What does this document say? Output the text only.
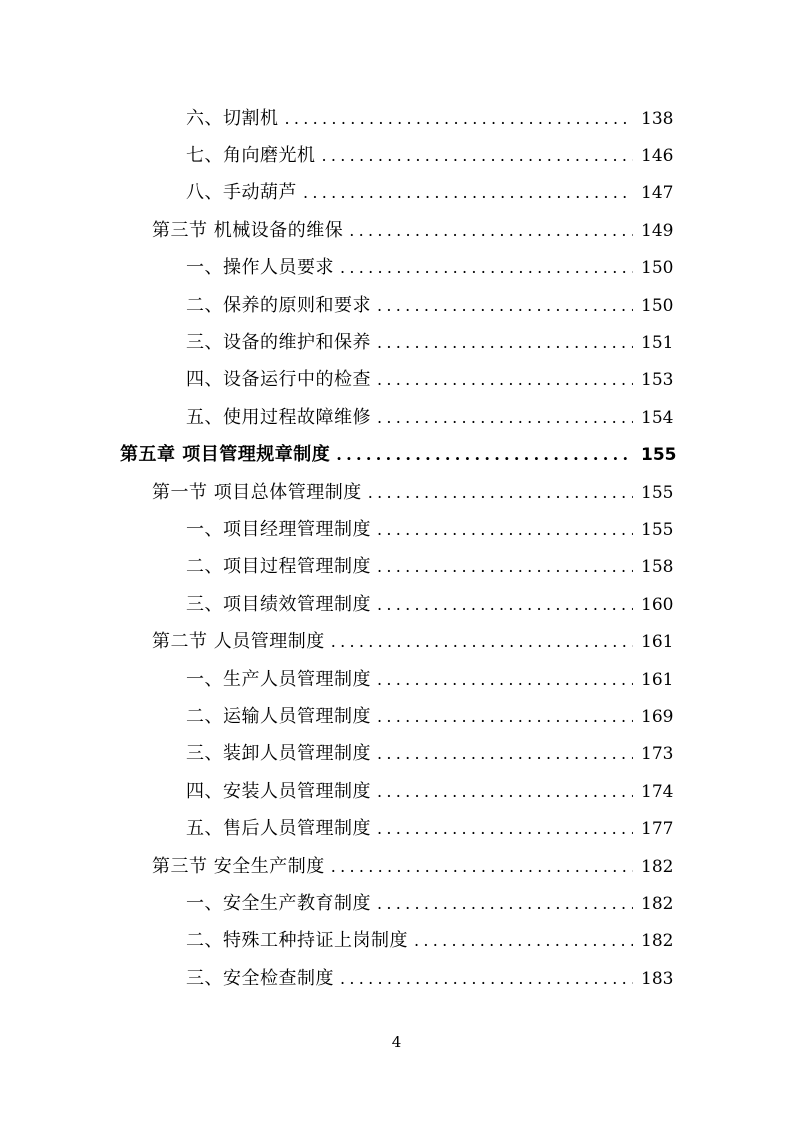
六、切割机 .....	138
七、角向磨光机 .....	146
八、手动葫芦 .....	147
第三节 机械设备的维保 .....	149
一、操作人员要求 .....	150
二、保养的原则和要求 .....	150
三、设备的维护和保养 .....	151
四、设备运行中的检查 .....	153
五、使用过程故障维修 .....	154
第五章 项目管理规章制度 .....	155
第一节 项目总体管理制度 .....	155
一、项目经理管理制度 .....	155
二、项目过程管理制度 .....	158
三、项目绩效管理制度 .....	160
第二节 人员管理制度 .....	161
一、生产人员管理制度 .....	161
二、运输人员管理制度 .....	169
三、装卸人员管理制度 .....	173
四、安装人员管理制度 .....	174
五、售后人员管理制度 .....	177
第三节 安全生产制度 .....	182
一、安全生产教育制度 .....	182
二、特殊工种持证上岗制度 .....	182
三、安全检查制度 .....	183
4
